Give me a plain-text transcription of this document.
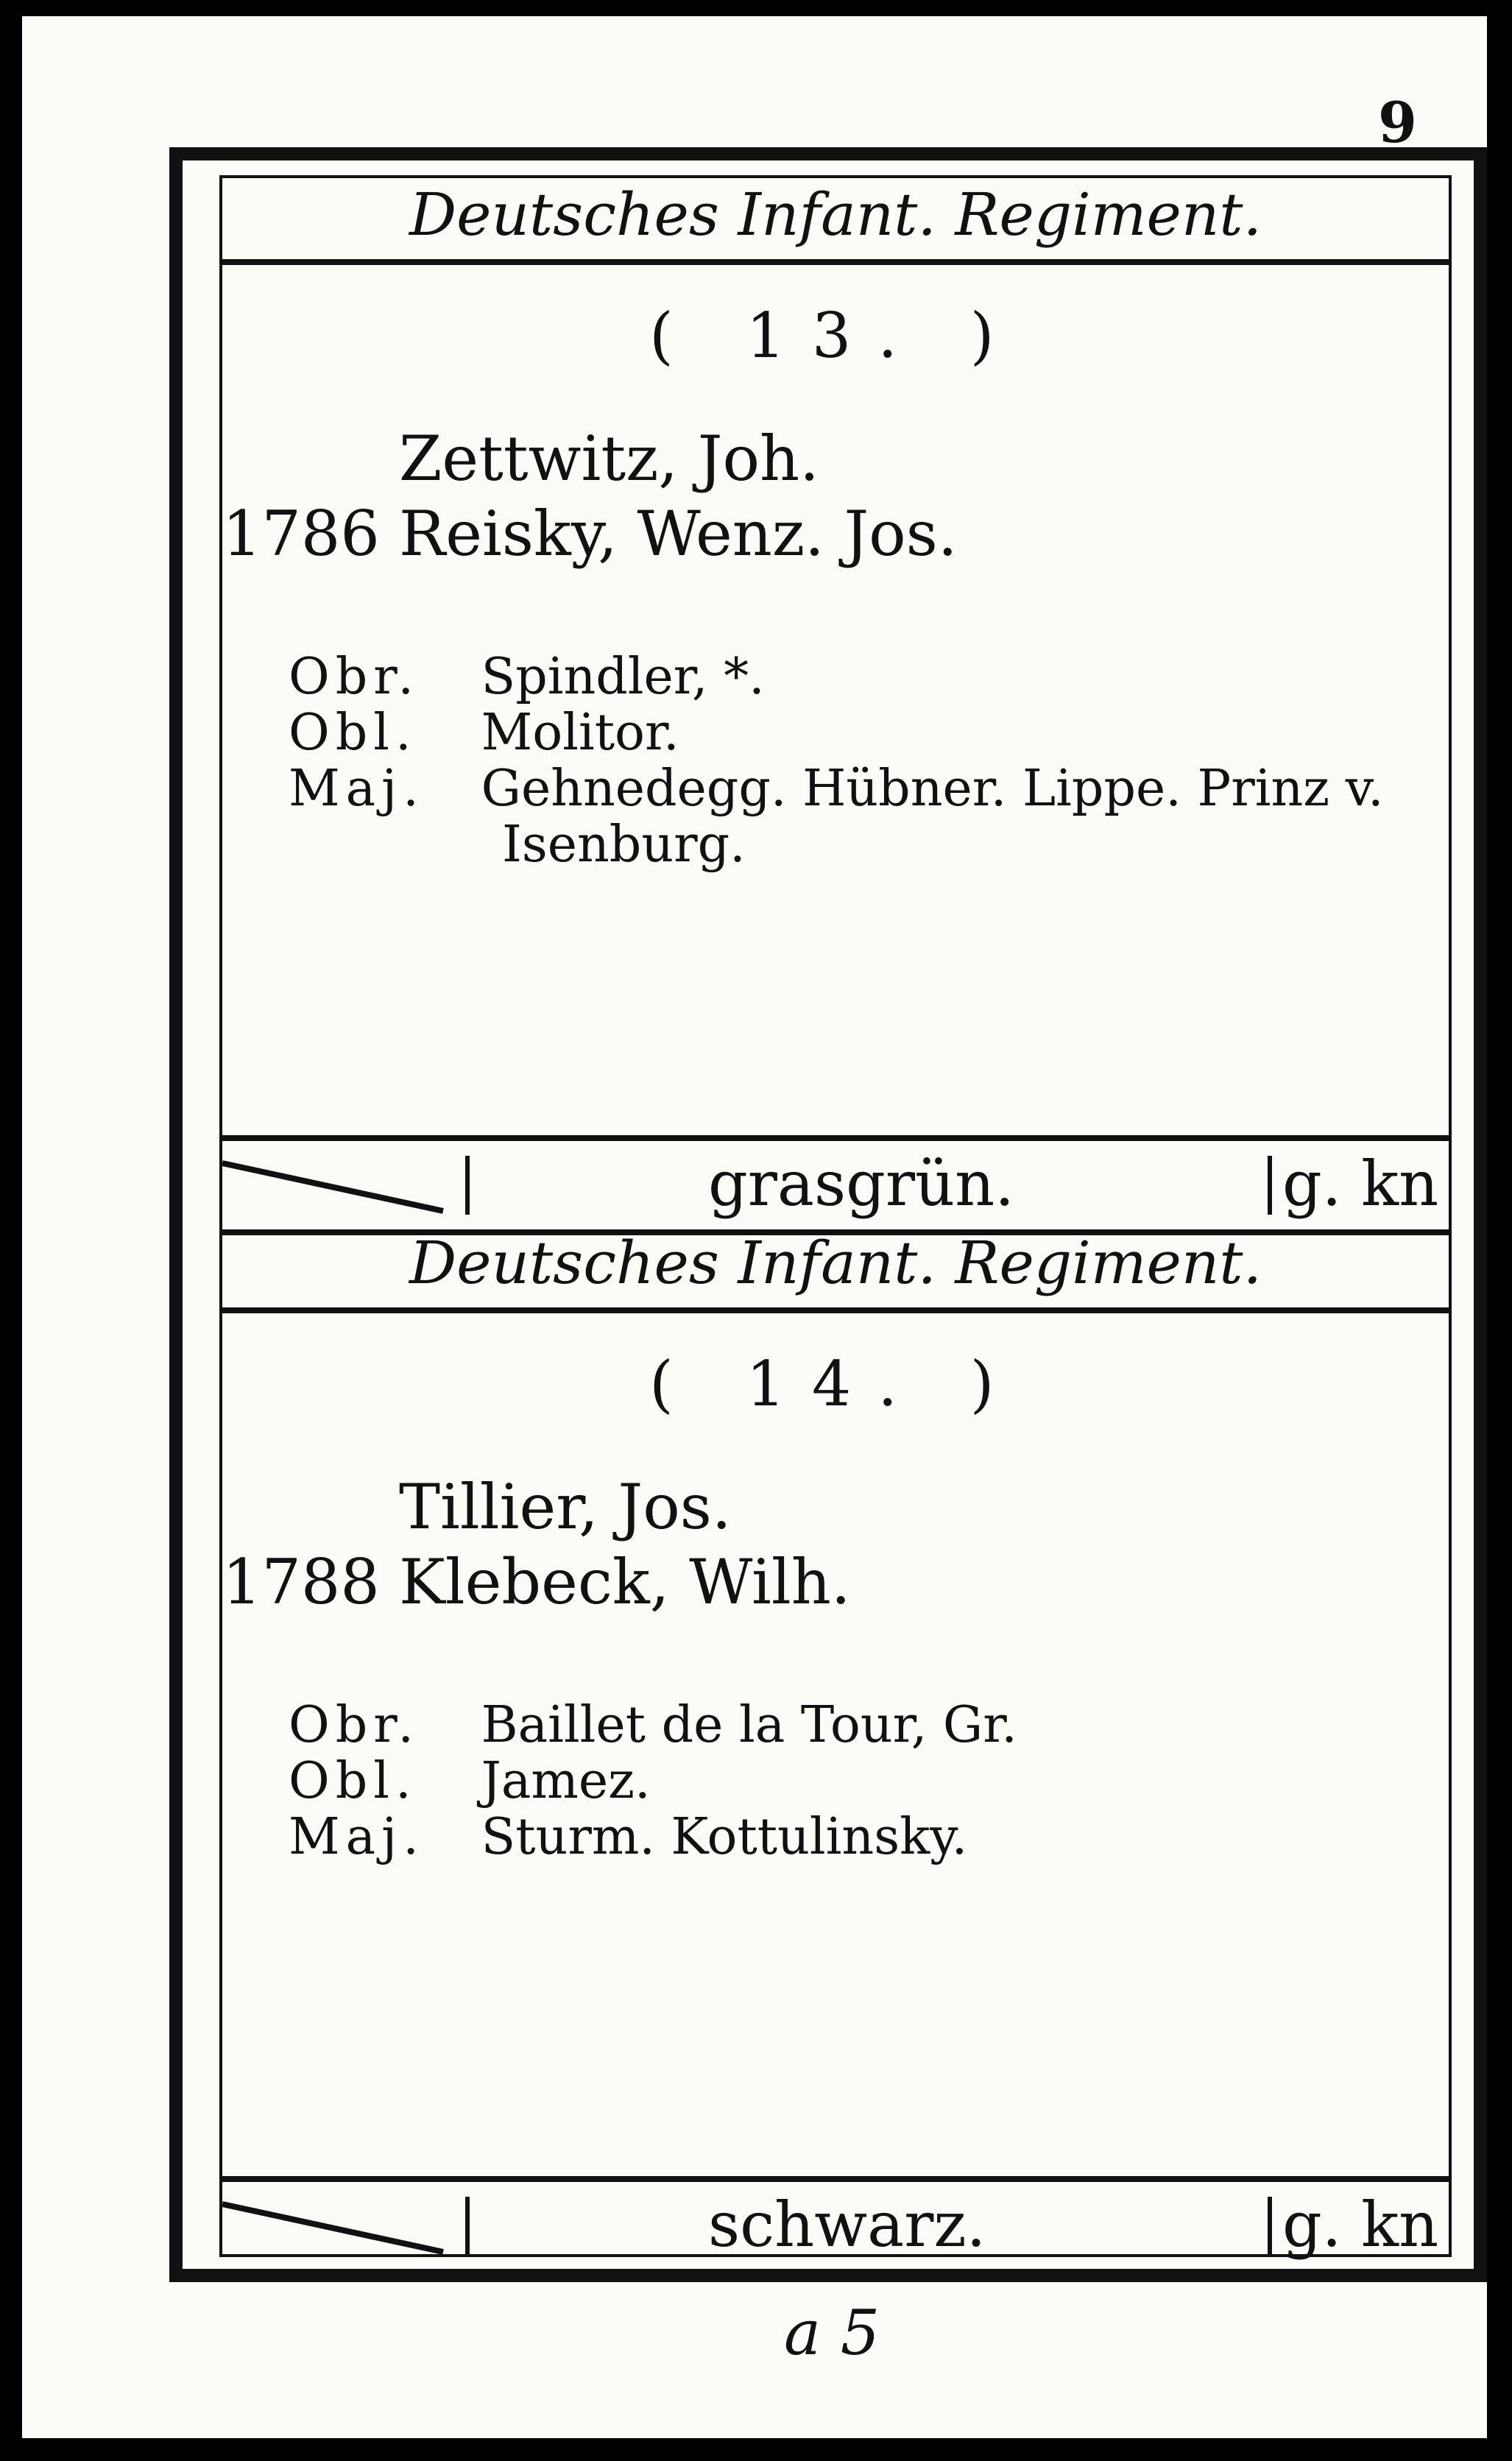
9
Deutsches Infant. Regiment.
( 13. )
Zettwitz, Joh.
1786 Reisky, Wenz. Jos.
Obr. Spindler, *.
Obl. Molitor.
Maj. Gehnedegg. Hübner. Lippe. Prinz v.
Isenburg.
grasgrün.	g. kn
Deutsches Infant. Regiment.
( 14. )
Tillier, Jos.
1788 Klebeck, Wilh.
Obr. Baillet de la Tour, Gr.
Obl. Jamez.
Maj. Sturm. Kottulinsky.
schwarz.	g. kn
a 5
